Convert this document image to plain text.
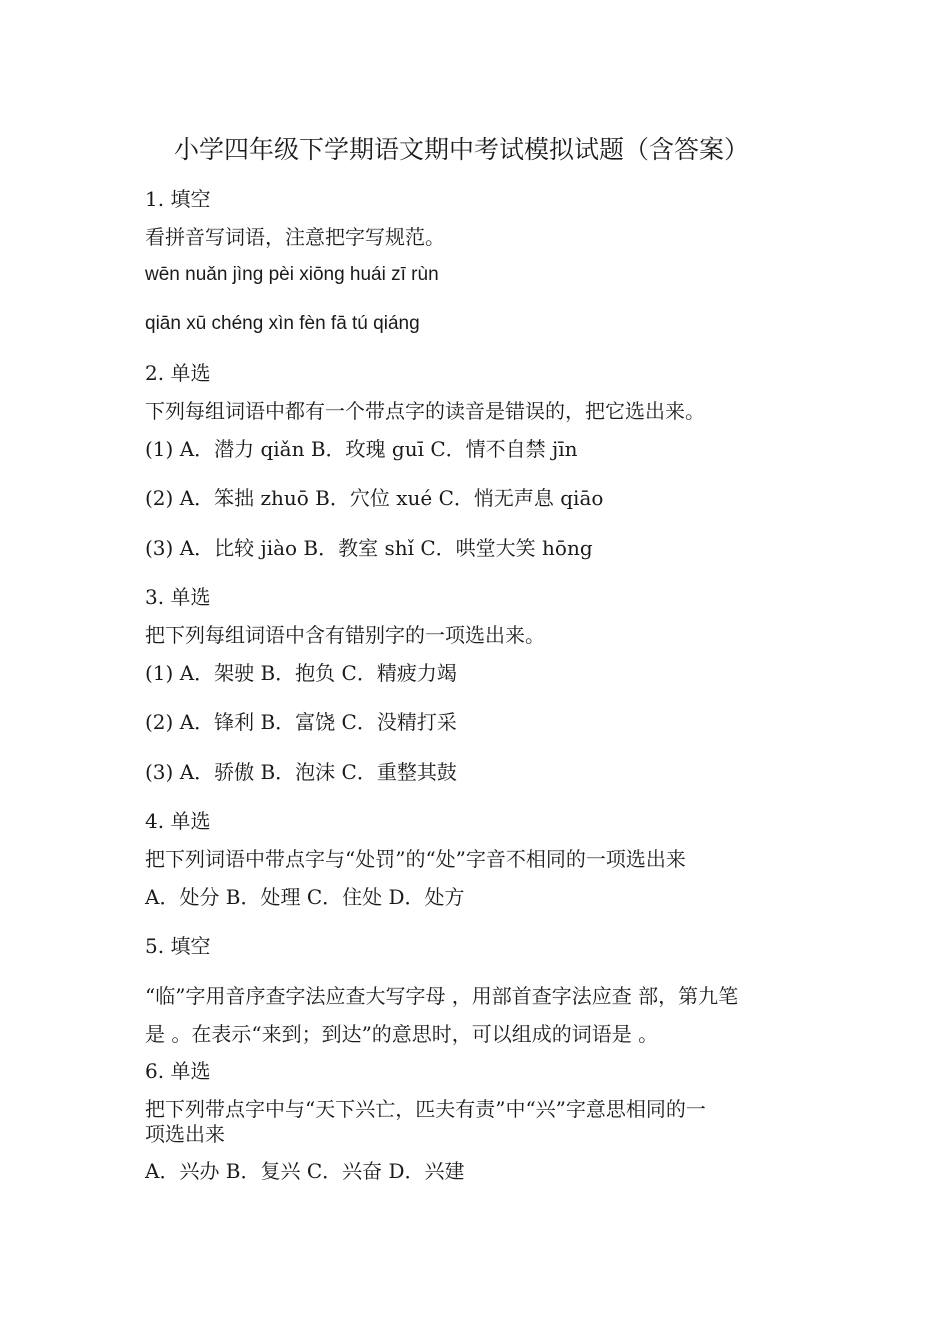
小学四年级下学期语文期中考试模拟试题（含答案）
1. 填空
看拼音写词语，注意把字写规范。
wēn nuǎn jìng pèi xiōng huái zī rùn
qiān xū chéng xìn fèn fā tú qiáng
2. 单选
下列每组词语中都有一个带点字的读音是错误的，把它选出来。
(1) A．潜力 qiǎn B．玫瑰 guī C．情不自禁 jīn
(2) A．笨拙 zhuō B．穴位 xué C．悄无声息 qiāo
(3) A．比较 jiào B．教室 shǐ C．哄堂大笑 hōng
3. 单选
把下列每组词语中含有错别字的一项选出来。
(1) A．架驶 B．抱负 C．精疲力竭
(2) A．锋利 B．富饶 C．没精打采
(3) A．骄傲 B．泡沫 C．重整其鼓
4. 单选
把下列词语中带点字与“处罚”的“处”字音不相同的一项选出来
A．处分 B．处理 C．住处 D．处方
5. 填空
“临”字用音序查字法应查大写字母 ，用部首查字法应查 部，第九笔
是 。在表示“来到；到达”的意思时，可以组成的词语是 。
6. 单选
把下列带点字中与“天下兴亡，匹夫有责”中“兴”字意思相同的一
项选出来
A．兴办 B．复兴 C．兴奋 D．兴建
